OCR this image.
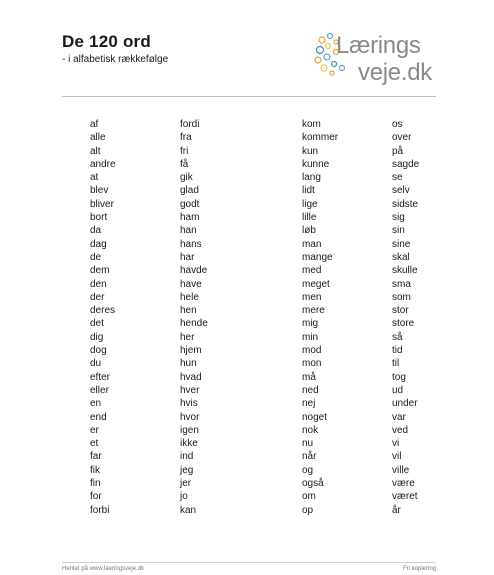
De 120 ord
- i alfabetisk rækkefølge
Lærings
veje.dk
af
alle
alt
andre
at
blev
bliver
bort
da
dag
de
dem
den
der
deres
det
dig
dog
du
efter
eller
en
end
er
et
far
fik
fin
for
forbi
fordi
fra
fri
få
gik
glad
godt
ham
han
hans
har
havde
have
hele
hen
hende
her
hjem
hun
hvad
hver
hvis
hvor
igen
ikke
ind
jeg
jer
jo
kan
kom
kommer
kun
kunne
lang
lidt
lige
lille
løb
man
mange
med
meget
men
mere
mig
min
mod
mon
må
ned
nej
noget
nok
nu
når
og
også
om
op
os
over
på
sagde
se
selv
sidste
sig
sin
sine
skal
skulle
sma
som
stor
store
så
tid
til
tog
ud
under
var
ved
vi
vil
ville
være
været
år
Hentet på www.laeringsveje.dk	Fri kopiering
